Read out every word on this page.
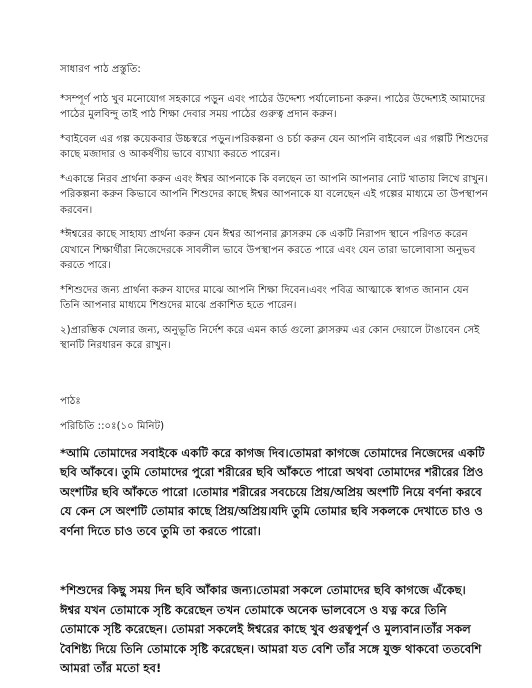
সাধারণ পাঠ প্রস্তুতি:

*সম্পূর্ণ পাঠ খুব মনোযোগ সহকারে পড়ুন এবং পাঠের উদ্দেশ্য পর্যালোচনা করুন। পাঠের উদ্দেশ্যই আমাদের পাঠের মুলবিন্দু তাই পাঠ শিক্ষা দেবার সময় পাঠের গুরুত্ব প্রদান করুন।

*বাইবেল এর গল্প কয়েকবার উচ্চস্বরে পড়ুন।পরিকল্পনা ও চর্চা করুন যেন আপনি বাইবেল এর গল্পটি শিশুদের কাছে মজাদার ও আকর্ষণীয় ভাবে ব্যাখ্যা করতে পারেন।

*একান্তে নিরব প্রার্থনা করুন এবং ঈশ্বর আপনাকে কি বলছেন তা আপনি আপনার নোট খাতায় লিখে রাখুন।পরিকল্পনা করুন কিভাবে আপনি শিশুদের কাছে ঈশ্বর আপনাকে যা বলেছেন এই গল্পের মাধ্যমে তা উপস্থাপন করবেন।

*ঈশ্বরের কাছে সাহায্য প্রার্থনা করুন যেন ঈশ্বর আপনার ক্লাসরুম কে একটি নিরাপদ স্থানে পরিণত করেন যেখানে শিক্ষার্থীরা নিজেদেরকে সাবলীল ভাবে উপস্থাপন করতে পারে এবং যেন তারা ভালোবাসা অনুভব করতে পারে।

*শিশুদের জন্য প্রার্থনা করুন যাদের মাঝে আপনি শিক্ষা দিবেন।এবং পবিত্র আত্মাকে স্বাগত জানান যেন তিনি আপনার মাধ্যমে শিশুদের মাঝে প্রকাশিত হতে পারেন।

২)প্রারম্ভিক খেলার জন্য, অনুভূতি নির্দেশ করে এমন কার্ড গুলো ক্লাসরুম এর কোন দেয়ালে টাঙাবেন সেই স্থানটি নিরধারন করে রাখুন।

পাঠঃ

পরিচিতি ::০ঃ(১০ মিনিট)

*আমি তোমাদের সবাইকে একটি করে কাগজ দিব।তোমরা কাগজে তোমাদের নিজেদের একটি ছবি আঁকবে। তুমি তোমাদের পুরো শরীরের ছবি আঁকতে পারো অথবা তোমাদের শরীরের প্রিও অংশটির ছবি আঁকতে পারো ।তোমার শরীরের সবচেয়ে প্রিয়/অপ্রিয় অংশটি নিয়ে বর্ণনা করবে যে কেন সে অংশটি তোমার কাছে প্রিয়/অপ্রিয়।যদি তুমি তোমার ছবি সকলকে দেখাতে চাও ও বর্ণনা দিতে চাও তবে তুমি তা করতে পারো।

*শিশুদের কিছু সময় দিন ছবি আঁকার জন্য।তোমরা সকলে তোমাদের ছবি কাগজে এঁকেছ। ঈশ্বর যখন তোমাকে সৃষ্টি করেছেন তখন তোমাকে অনেক ভালবেসে ও যত্ন করে তিনি তোমাকে সৃষ্টি করেছেন। তোমরা সকলেই ঈশ্বরের কাছে খুব গুরত্বপুর্ন ও মুল্যবান।তাঁর সকল বৈশিষ্ট্য দিয়ে তিনি তোমাকে সৃষ্টি করেছেন। আমরা যত বেশি তাঁর সঙ্গে যুক্ত থাকবো ততবেশি আমরা তাঁর মতো হব!
